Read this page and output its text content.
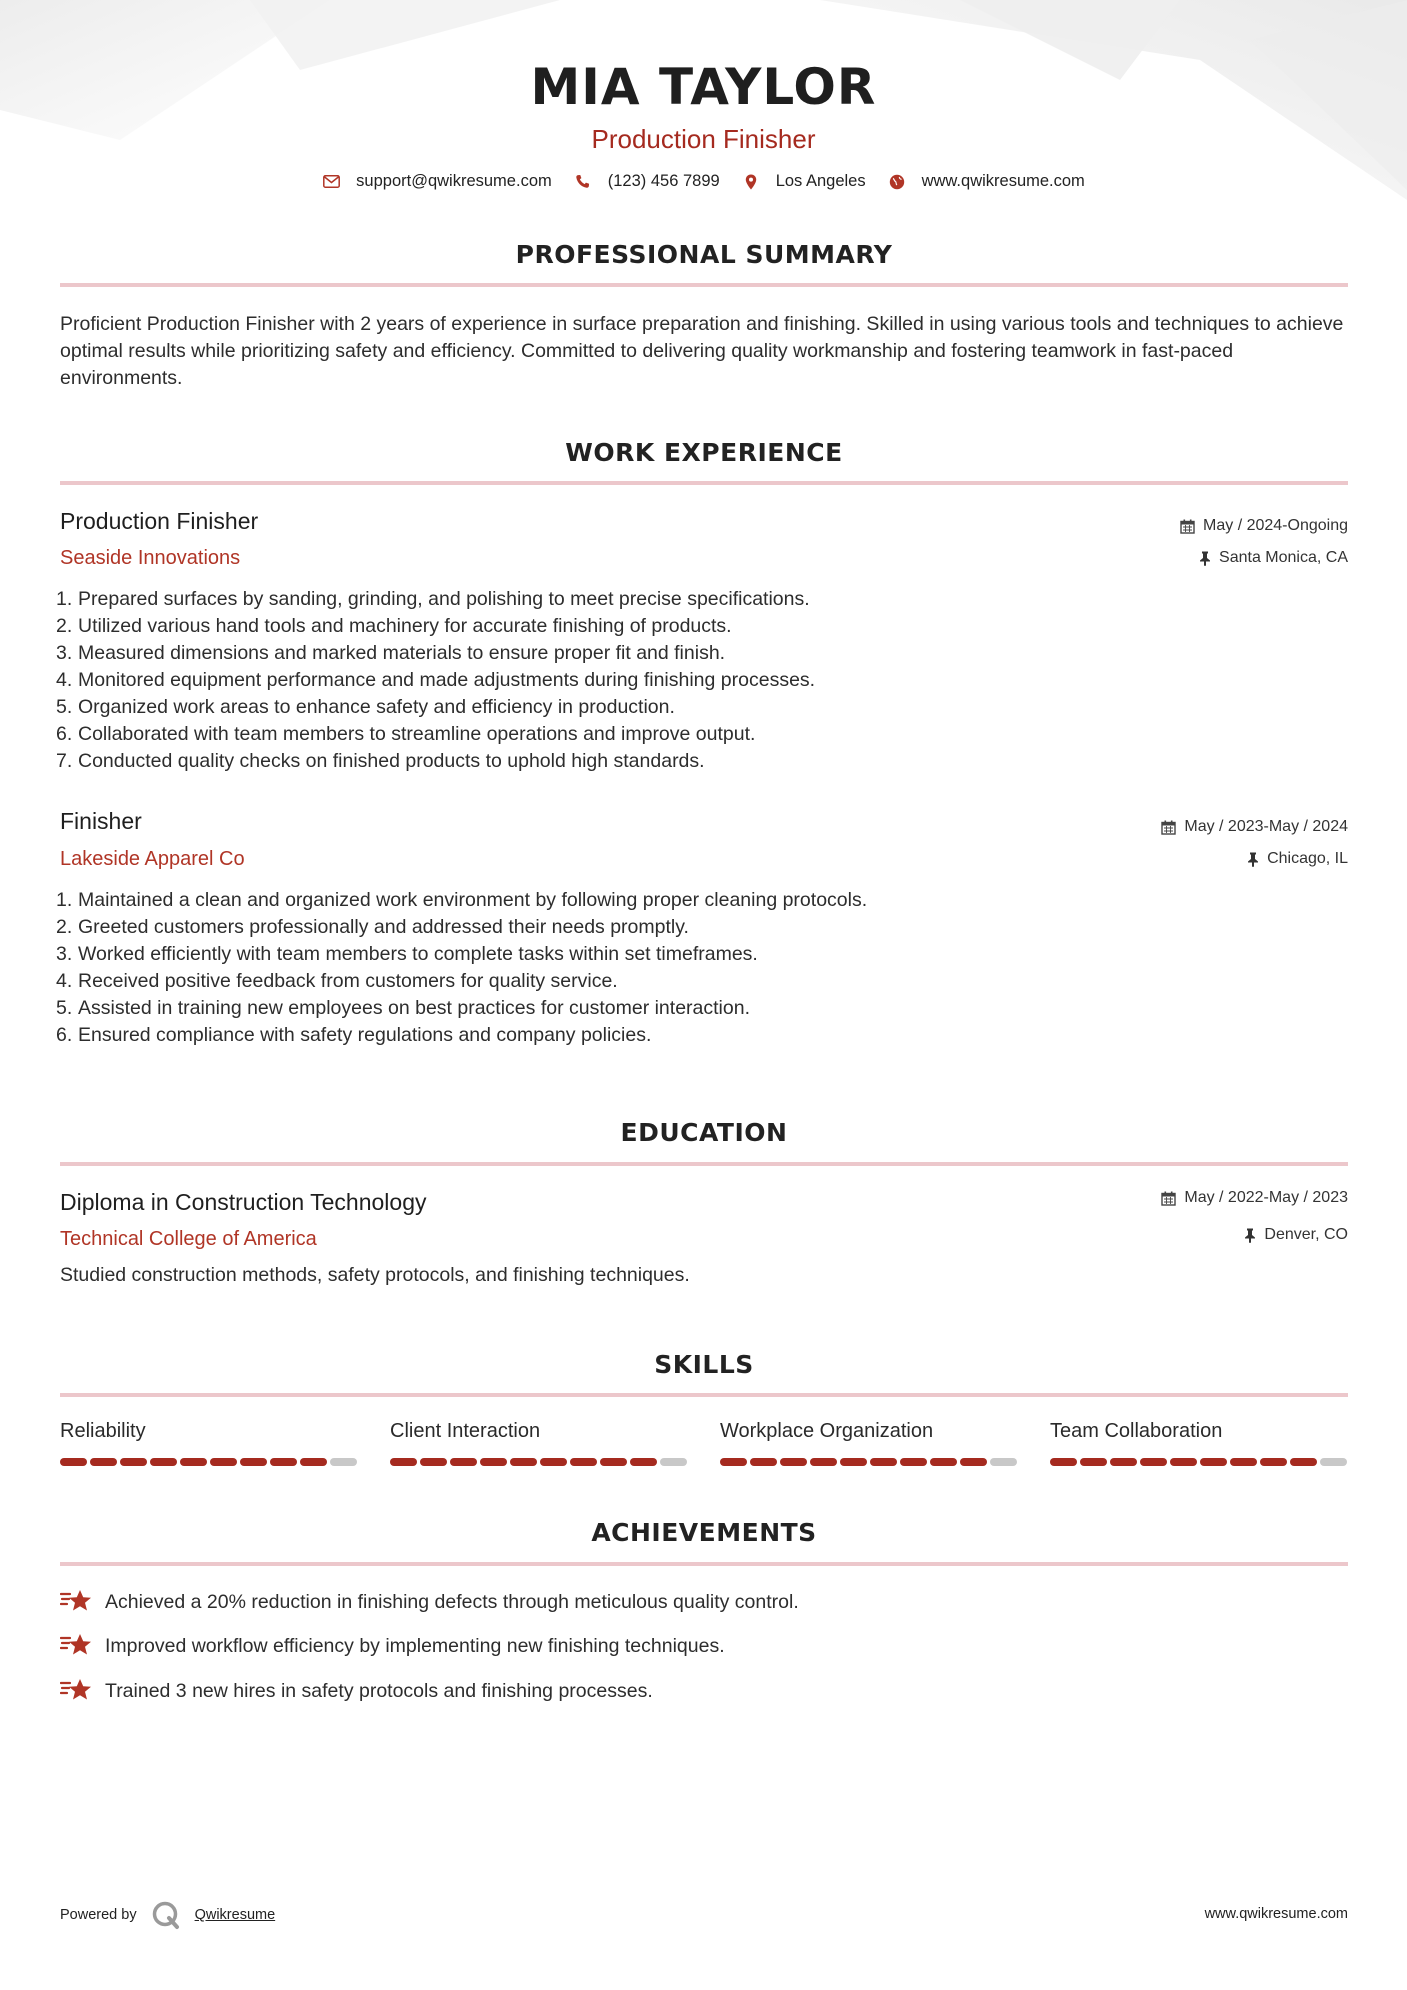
MIA TAYLOR
Production Finisher
support@qwikresume.com	(123) 456 7899	Los Angeles	www.qwikresume.com
PROFESSIONAL SUMMARY
Proficient Production Finisher with 2 years of experience in surface preparation and finishing. Skilled in using various tools and techniques to achieve optimal results while prioritizing safety and efficiency. Committed to delivering quality workmanship and fostering teamwork in fast-paced environments.
WORK EXPERIENCE
Production Finisher
Seaside Innovations
May / 2024-Ongoing
Santa Monica, CA
1. Prepared surfaces by sanding, grinding, and polishing to meet precise specifications.
2. Utilized various hand tools and machinery for accurate finishing of products.
3. Measured dimensions and marked materials to ensure proper fit and finish.
4. Monitored equipment performance and made adjustments during finishing processes.
5. Organized work areas to enhance safety and efficiency in production.
6. Collaborated with team members to streamline operations and improve output.
7. Conducted quality checks on finished products to uphold high standards.
Finisher
Lakeside Apparel Co
May / 2023-May / 2024
Chicago, IL
1. Maintained a clean and organized work environment by following proper cleaning protocols.
2. Greeted customers professionally and addressed their needs promptly.
3. Worked efficiently with team members to complete tasks within set timeframes.
4. Received positive feedback from customers for quality service.
5. Assisted in training new employees on best practices for customer interaction.
6. Ensured compliance with safety regulations and company policies.
EDUCATION
Diploma in Construction Technology
Technical College of America
May / 2022-May / 2023
Denver, CO
Studied construction methods, safety protocols, and finishing techniques.
SKILLS
Reliability	Client Interaction	Workplace Organization	Team Collaboration
ACHIEVEMENTS
Achieved a 20% reduction in finishing defects through meticulous quality control.
Improved workflow efficiency by implementing new finishing techniques.
Trained 3 new hires in safety protocols and finishing processes.
Powered by	Qwikresume	www.qwikresume.com
